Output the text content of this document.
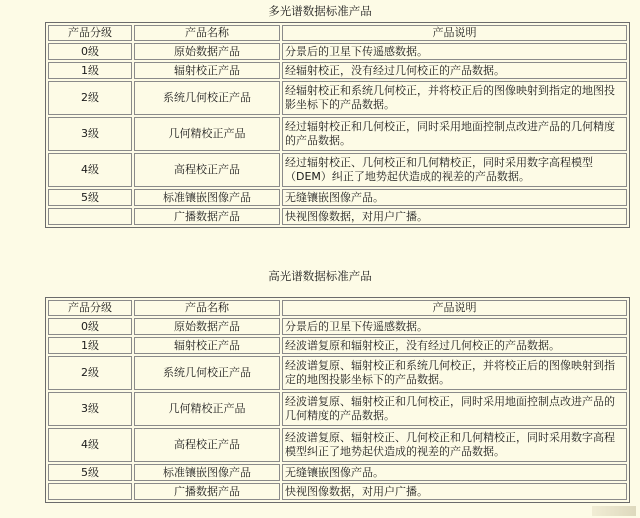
多光谱数据标准产品
产品分级	产品名称	产品说明
0级	原始数据产品	分景后的卫星下传遥感数据。
1级	辐射校正产品	经辐射校正，没有经过几何校正的产品数据。
2级	系统几何校正产品	经辐射校正和系统几何校正，并将校正后的图像映射到指定的地图投影坐标下的产品数据。
3级	几何精校正产品	经过辐射校正和几何校正，同时采用地面控制点改进产品的几何精度的产品数据。
4级	高程校正产品	经过辐射校正、几何校正和几何精校正，同时采用数字高程模型（DEM）纠正了地势起伏造成的视差的产品数据。
5级	标准镶嵌图像产品	无缝镶嵌图像产品。
	广播数据产品	快视图像数据，对用户广播。
高光谱数据标准产品
产品分级	产品名称	产品说明
0级	原始数据产品	分景后的卫星下传遥感数据。
1级	辐射校正产品	经波谱复原和辐射校正，没有经过几何校正的产品数据。
2级	系统几何校正产品	经波谱复原、辐射校正和系统几何校正，并将校正后的图像映射到指定的地图投影坐标下的产品数据。
3级	几何精校正产品	经波谱复原、辐射校正和几何校正，同时采用地面控制点改进产品的几何精度的产品数据。
4级	高程校正产品	经波谱复原、辐射校正、几何校正和几何精校正，同时采用数字高程模型纠正了地势起伏造成的视差的产品数据。
5级	标准镶嵌图像产品	无缝镶嵌图像产品。
	广播数据产品	快视图像数据，对用户广播。
